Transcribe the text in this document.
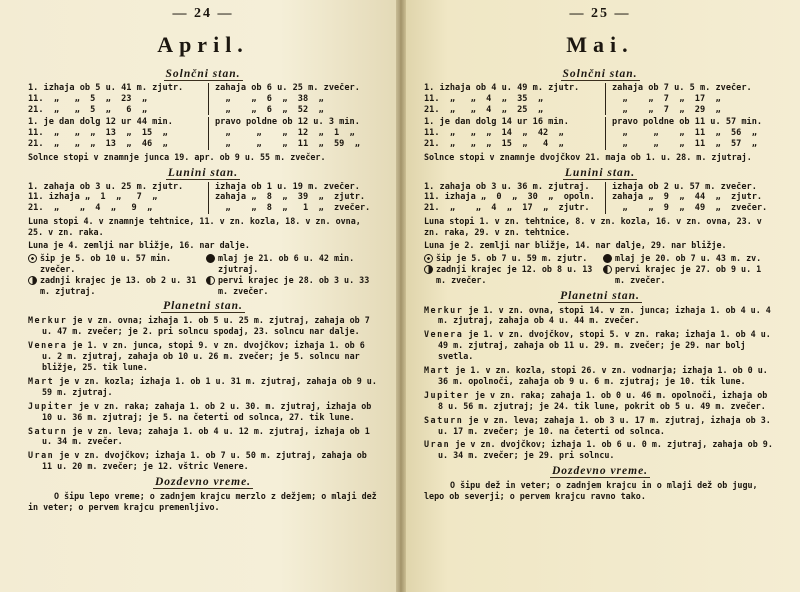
— 24 —
April.
Solnčni stan.
1. izhaja ob 5 u. 41 m. zjutr.
11.  „   „  5  „  23  „
21.  „   „  5  „   6  „
zahaja ob 6 u. 25 m. zvečer.
„    „  6  „  38  „
„    „  6  „  52  „
1. je dan dolg 12 ur 44 min.
11.  „   „  „  13  „  15  „
21.  „   „  „  13  „  46  „
pravo poldne ob 12 u. 3 min.
„     „    „  12  „  1  „
„     „    „  11  „  59  „
Solnce stopi v znamnje junca 19. apr. ob 9 u. 55 m. zvečer.
Lunini stan.
1. zahaja ob 3 u. 25 m. zjutr.
11. izhaja „  1  „   7  „
21.  „    „  4  „   9  „
izhaja ob 1 u. 19 m. zvečer.
zahaja „  8  „  39  „  zjutr.
„    „  8  „   1  „  zvečer.
Luna stopi 4. v znamnje tehtnice, 11. v zn. kozla, 18. v zn. ovna, 25. v zn. raka.
Luna je 4. zemlji nar bližje, 16. nar dalje.
šip je 5. ob 10 u. 57 min. zvečer.
mlaj je 21. ob 6 u. 42 min. zjutraj.
zadnji krajec je 13. ob 2 u. 31 m. zjutraj.
pervi krajec je 28. ob 3 u. 33 m. zvečer.
Planetni stan.
Merkur je v zn. ovna; izhaja 1. ob 5 u. 25 m. zjutraj, zahaja ob 7 u. 47 m. zvečer; je 2. pri solncu spodaj, 23. solncu nar dalje.
Venera je 1. v zn. junca, stopi 9. v zn. dvojčkov; izhaja 1. ob 6 u. 2 m. zjutraj, zahaja ob 10 u. 26 m. zvečer; je 5. solncu nar bližje, 25. tik lune.
Mart je v zn. kozla; izhaja 1. ob 1 u. 31 m. zjutraj, zahaja ob 9 u. 59 m. zjutraj.
Jupiter je v zn. raka; zahaja 1. ob 2 u. 30. m. zjutraj, izhaja ob 10 u. 36 m. zjutraj; je 5. na četerti od solnca, 27. tik lune.
Saturn je v zn. leva; zahaja 1. ob 4 u. 12 m. zjutraj, izhaja ob 1 u. 34 m. zvečer.
Uran je v zn. dvojčkov; izhaja 1. ob 7 u. 50 m. zjutraj, zahaja ob 11 u. 20 m. zvečer; je 12. vštric Venere.
Dozdevno vreme.
O šipu lepo vreme; o zadnjem krajcu merzlo z dežjem; o mlaji dež in veter; o pervem krajcu premenljivo.
— 25 —
Mai.
Solnčni stan.
1. izhaja ob 4 u. 49 m. zjutr.
11.  „   „  4  „  35  „
21.  „   „  4  „  25  „
zahaja ob 7 u. 5 m. zvečer.
„    „  7  „  17  „
„    „  7  „  29  „
1. je dan dolg 14 ur 16 min.
11.  „   „  „  14  „  42  „
21.  „   „  „  15  „   4  „
pravo poldne ob 11 u. 57 min.
„     „    „  11  „  56  „
„     „    „  11  „  57  „
Solnce stopi v znamnje dvojčkov 21. maja ob 1. u. 28. m. zjutraj.
Lunini stan.
1. zahaja ob 3 u. 36 m. zjutraj.
11. izhaja „  0  „  30  „  opoln.
21.  „    „  4  „  17  „  zjutr.
izhaja ob 2 u. 57 m. zvečer.
zahaja „  9  „  44  „  zjutr.
„    „  9  „  49  „  zvečer.
Luna stopi 1. v zn. tehtnice, 8. v zn. kozla, 16. v zn. ovna, 23. v zn. raka, 29. v zn. tehtnice.
Luna je 2. zemlji nar bližje, 14. nar dalje, 29. nar bližje.
šip je 5. ob 7 u. 59 m. zjutr.	mlaj je 20. ob 7 u. 43 m. zv.
zadnji krajec je 12. ob 8 u. 13 m. zvečer.
pervi krajec je 27. ob 9 u. 1 m. zvečer.
Planetni stan.
Merkur je 1. v zn. ovna, stopi 14. v zn. junca; izhaja 1. ob 4 u. 4 m. zjutraj, zahaja ob 4 u. 44 m. zvečer.
Venera je 1. v zn. dvojčkov, stopi 5. v zn. raka; izhaja 1. ob 4 u. 49 m. zjutraj, zahaja ob 11 u. 29. m. zvečer; je 29. nar bolj svetla.
Mart je 1. v zn. kozla, stopi 26. v zn. vodnarja; izhaja 1. ob 0 u. 36 m. opolnoči, zahaja ob 9 u. 6 m. zjutraj; je 10. tik lune.
Jupiter je v zn. raka; zahaja 1. ob 0 u. 46 m. opolnoči, izhaja ob 8 u. 56 m. zjutraj; je 24. tik lune, pokrit ob 5 u. 49 m. zvečer.
Saturn je v zn. leva; zahaja 1. ob 3 u. 17 m. zjutraj, izhaja ob 3. u. 17 m. zvečer; je 10. na četerti od solnca.
Uran je v zn. dvojčkov; izhaja 1. ob 6 u. 0 m. zjutraj, zahaja ob 9. u. 34 m. zvečer; je 29. pri solncu.
Dozdevno vreme.
O šipu dež in veter; o zadnjem krajcu in o mlaji dež ob jugu, lepo ob severji; o pervem krajcu ravno tako.
